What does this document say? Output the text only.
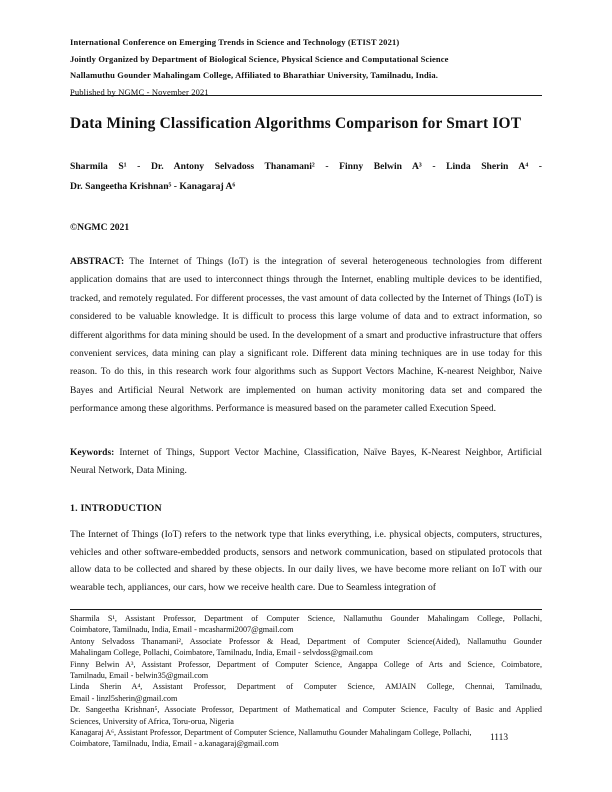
International Conference on Emerging Trends in Science and Technology (ETIST 2021)
Jointly Organized by Department of Biological Science, Physical Science and Computational Science
Nallamuthu Gounder Mahalingam College, Affiliated to Bharathiar University, Tamilnadu, India.
Published by NGMC - November 2021
Data Mining Classification Algorithms Comparison for Smart IOT
Sharmila S¹ - Dr. Antony Selvadoss Thanamani² - Finny Belwin A³ - Linda Sherin A⁴ -
Dr. Sangeetha Krishnan⁵ - Kanagaraj A⁶
©NGMC 2021
ABSTRACT: The Internet of Things (IoT) is the integration of several heterogeneous technologies from different application domains that are used to interconnect things through the Internet, enabling multiple devices to be identified, tracked, and remotely regulated. For different processes, the vast amount of data collected by the Internet of Things (IoT) is considered to be valuable knowledge. It is difficult to process this large volume of data and to extract information, so different algorithms for data mining should be used. In the development of a smart and productive infrastructure that offers convenient services, data mining can play a significant role. Different data mining techniques are in use today for this reason. To do this, in this research work four algorithms such as Support Vectors Machine, K-nearest Neighbor, Naive Bayes and Artificial Neural Network are implemented on human activity monitoring data set and compared the performance among these algorithms. Performance is measured based on the parameter called Execution Speed.
Keywords: Internet of Things, Support Vector Machine, Classification, Naïve Bayes, K-Nearest Neighbor, Artificial Neural Network, Data Mining.
1. INTRODUCTION
The Internet of Things (IoT) refers to the network type that links everything, i.e. physical objects, computers, structures, vehicles and other software-embedded products, sensors and network communication, based on stipulated protocols that allow data to be collected and shared by these objects. In our daily lives, we have become more reliant on IoT with our wearable tech, appliances, our cars, how we receive health care. Due to Seamless integration of
Sharmila S¹, Assistant Professor, Department of Computer Science, Nallamuthu Gounder Mahalingam College, Pollachi,
Coimbatore, Tamilnadu, India, Email - mcasharmi2007@gmail.com
Antony Selvadoss Thanamani², Associate Professor & Head, Department of Computer Science(Aided), Nallamuthu Gounder
Mahalingam College, Pollachi, Coimbatore, Tamilnadu, India, Email - selvdoss@gmail.com
Finny Belwin A³, Assistant Professor, Department of Computer Science, Angappa College of Arts and Science, Coimbatore,
Tamilnadu, Email - belwin35@gmail.com
Linda Sherin A⁴, Assistant Professor, Department of Computer Science, AMJAIN College, Chennai, Tamilnadu,
Email - linzl5sherin@gmail.com
Dr. Sangeetha Krishnan⁵, Associate Professor, Department of Mathematical and Computer Science, Faculty of Basic and Applied
Sciences, University of Africa, Toru-orua, Nigeria
Kanagaraj A⁶, Assistant Professor, Department of Computer Science, Nallamuthu Gounder Mahalingam College, Pollachi,
Coimbatore, Tamilnadu, India, Email - a.kanagaraj@gmail.com
1113
